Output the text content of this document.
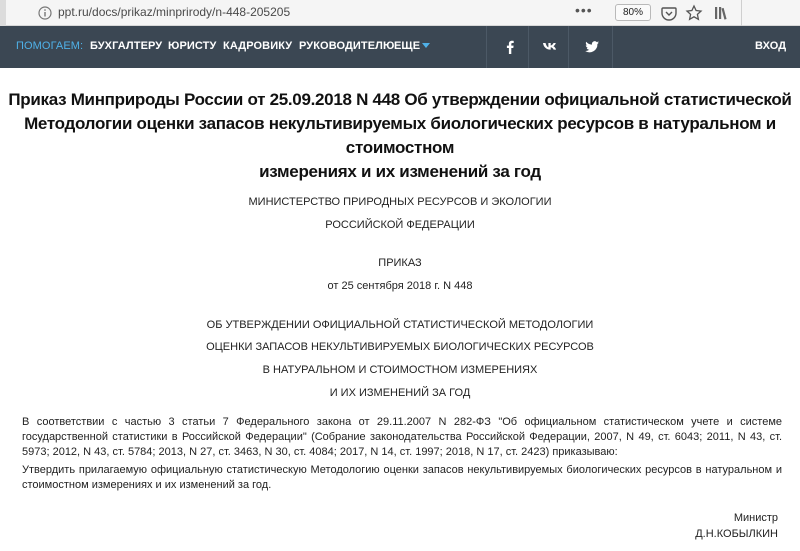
ppt.ru/docs/prikaz/minprirody/n-448-205205	•••	80%
ПОМОГАЕМ: БУХГАЛТЕРУ ЮРИСТУ КАДРОВИКУ РУКОВОДИТЕЛЮ ЕЩЕ	ВХОД
Приказ Минприроды России от 25.09.2018 N 448 Об утверждении официальной статистической
Методологии оценки запасов некультивируемых биологических ресурсов в натуральном и стоимостном
измерениях и их изменений за год
МИНИСТЕРСТВО ПРИРОДНЫХ РЕСУРСОВ И ЭКОЛОГИИ
РОССИЙСКОЙ ФЕДЕРАЦИИ
ПРИКАЗ
от 25 сентября 2018 г. N 448
ОБ УТВЕРЖДЕНИИ ОФИЦИАЛЬНОЙ СТАТИСТИЧЕСКОЙ МЕТОДОЛОГИИ
ОЦЕНКИ ЗАПАСОВ НЕКУЛЬТИВИРУЕМЫХ БИОЛОГИЧЕСКИХ РЕСУРСОВ
В НАТУРАЛЬНОМ И СТОИМОСТНОМ ИЗМЕРЕНИЯХ
И ИХ ИЗМЕНЕНИЙ ЗА ГОД
В соответствии с частью 3 статьи 7 Федерального закона от 29.11.2007 N 282-ФЗ "Об официальном статистическом учете и системе государственной статистики в Российской Федерации" (Собрание законодательства Российской Федерации, 2007, N 49, ст. 6043; 2011, N 43, ст. 5973; 2012, N 43, ст. 5784; 2013, N 27, ст. 3463, N 30, ст. 4084; 2017, N 14, ст. 1997; 2018, N 17, ст. 2423) приказываю:
Утвердить прилагаемую официальную статистическую Методологию оценки запасов некультивируемых биологических ресурсов в натуральном и стоимостном измерениях и их изменений за год.
Министр
Д.Н.КОБЫЛКИН
